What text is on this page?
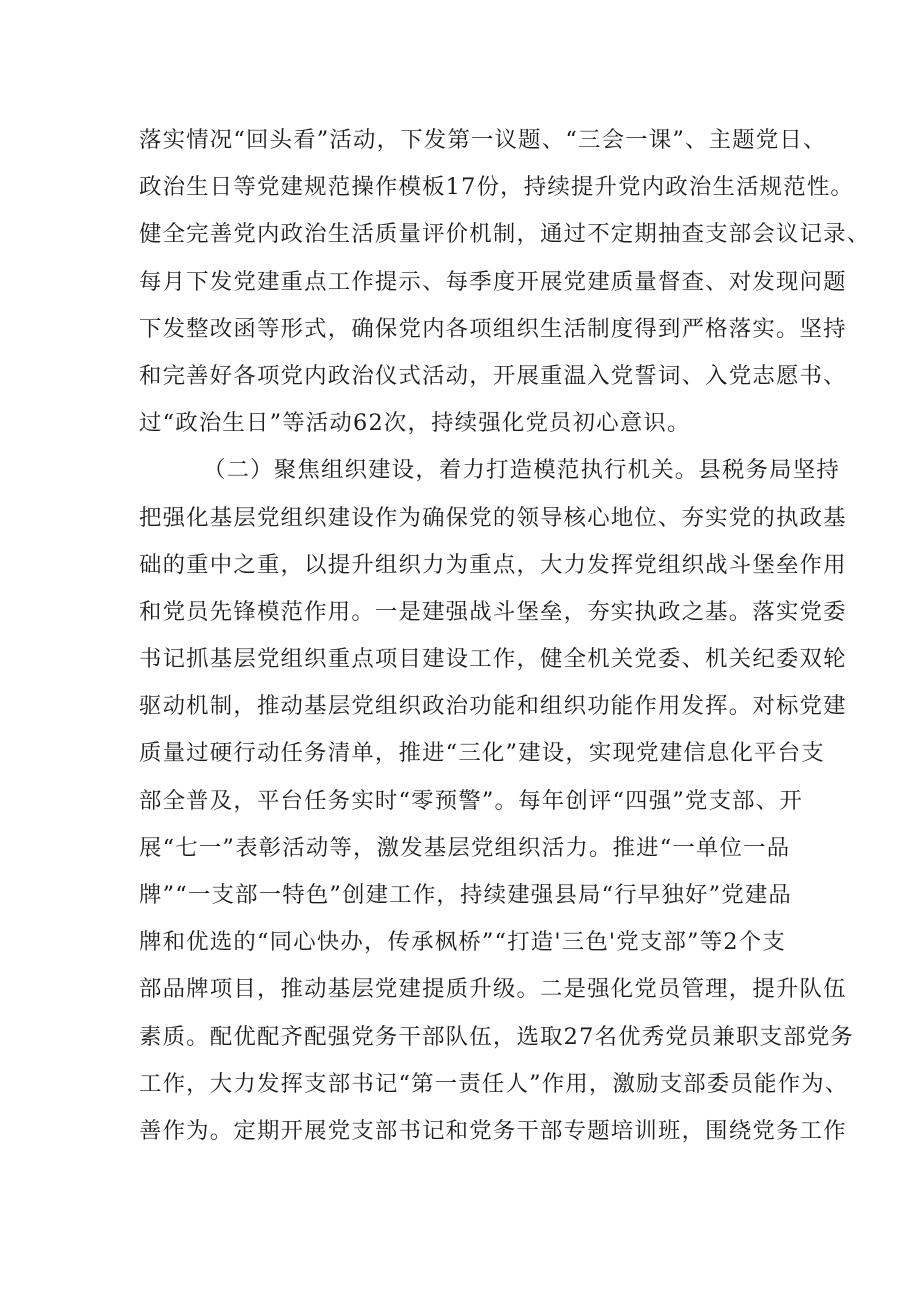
落实情况“回头看”活动，下发第一议题、“三会一课”、主题党日、
政治生日等党建规范操作模板17份，持续提升党内政治生活规范性。
健全完善党内政治生活质量评价机制，通过不定期抽查支部会议记录、
每月下发党建重点工作提示、每季度开展党建质量督查、对发现问题
下发整改函等形式，确保党内各项组织生活制度得到严格落实。坚持
和完善好各项党内政治仪式活动，开展重温入党誓词、入党志愿书、
过“政治生日”等活动62次，持续强化党员初心意识。
（二）聚焦组织建设，着力打造模范执行机关。县税务局坚持
把强化基层党组织建设作为确保党的领导核心地位、夯实党的执政基
础的重中之重，以提升组织力为重点，大力发挥党组织战斗堡垒作用
和党员先锋模范作用。一是建强战斗堡垒，夯实执政之基。落实党委
书记抓基层党组织重点项目建设工作，健全机关党委、机关纪委双轮
驱动机制，推动基层党组织政治功能和组织功能作用发挥。对标党建
质量过硬行动任务清单，推进“三化”建设，实现党建信息化平台支
部全普及，平台任务实时“零预警”。每年创评“四强”党支部、开
展“七一”表彰活动等，激发基层党组织活力。推进“一单位一品
牌”“一支部一特色”创建工作，持续建强县局“行早独好”党建品
牌和优选的“同心快办，传承枫桥”“打造'三色'党支部”等2个支
部品牌项目，推动基层党建提质升级。二是强化党员管理，提升队伍
素质。配优配齐配强党务干部队伍，选取27名优秀党员兼职支部党务
工作，大力发挥支部书记“第一责任人”作用，激励支部委员能作为、
善作为。定期开展党支部书记和党务干部专题培训班，围绕党务工作
